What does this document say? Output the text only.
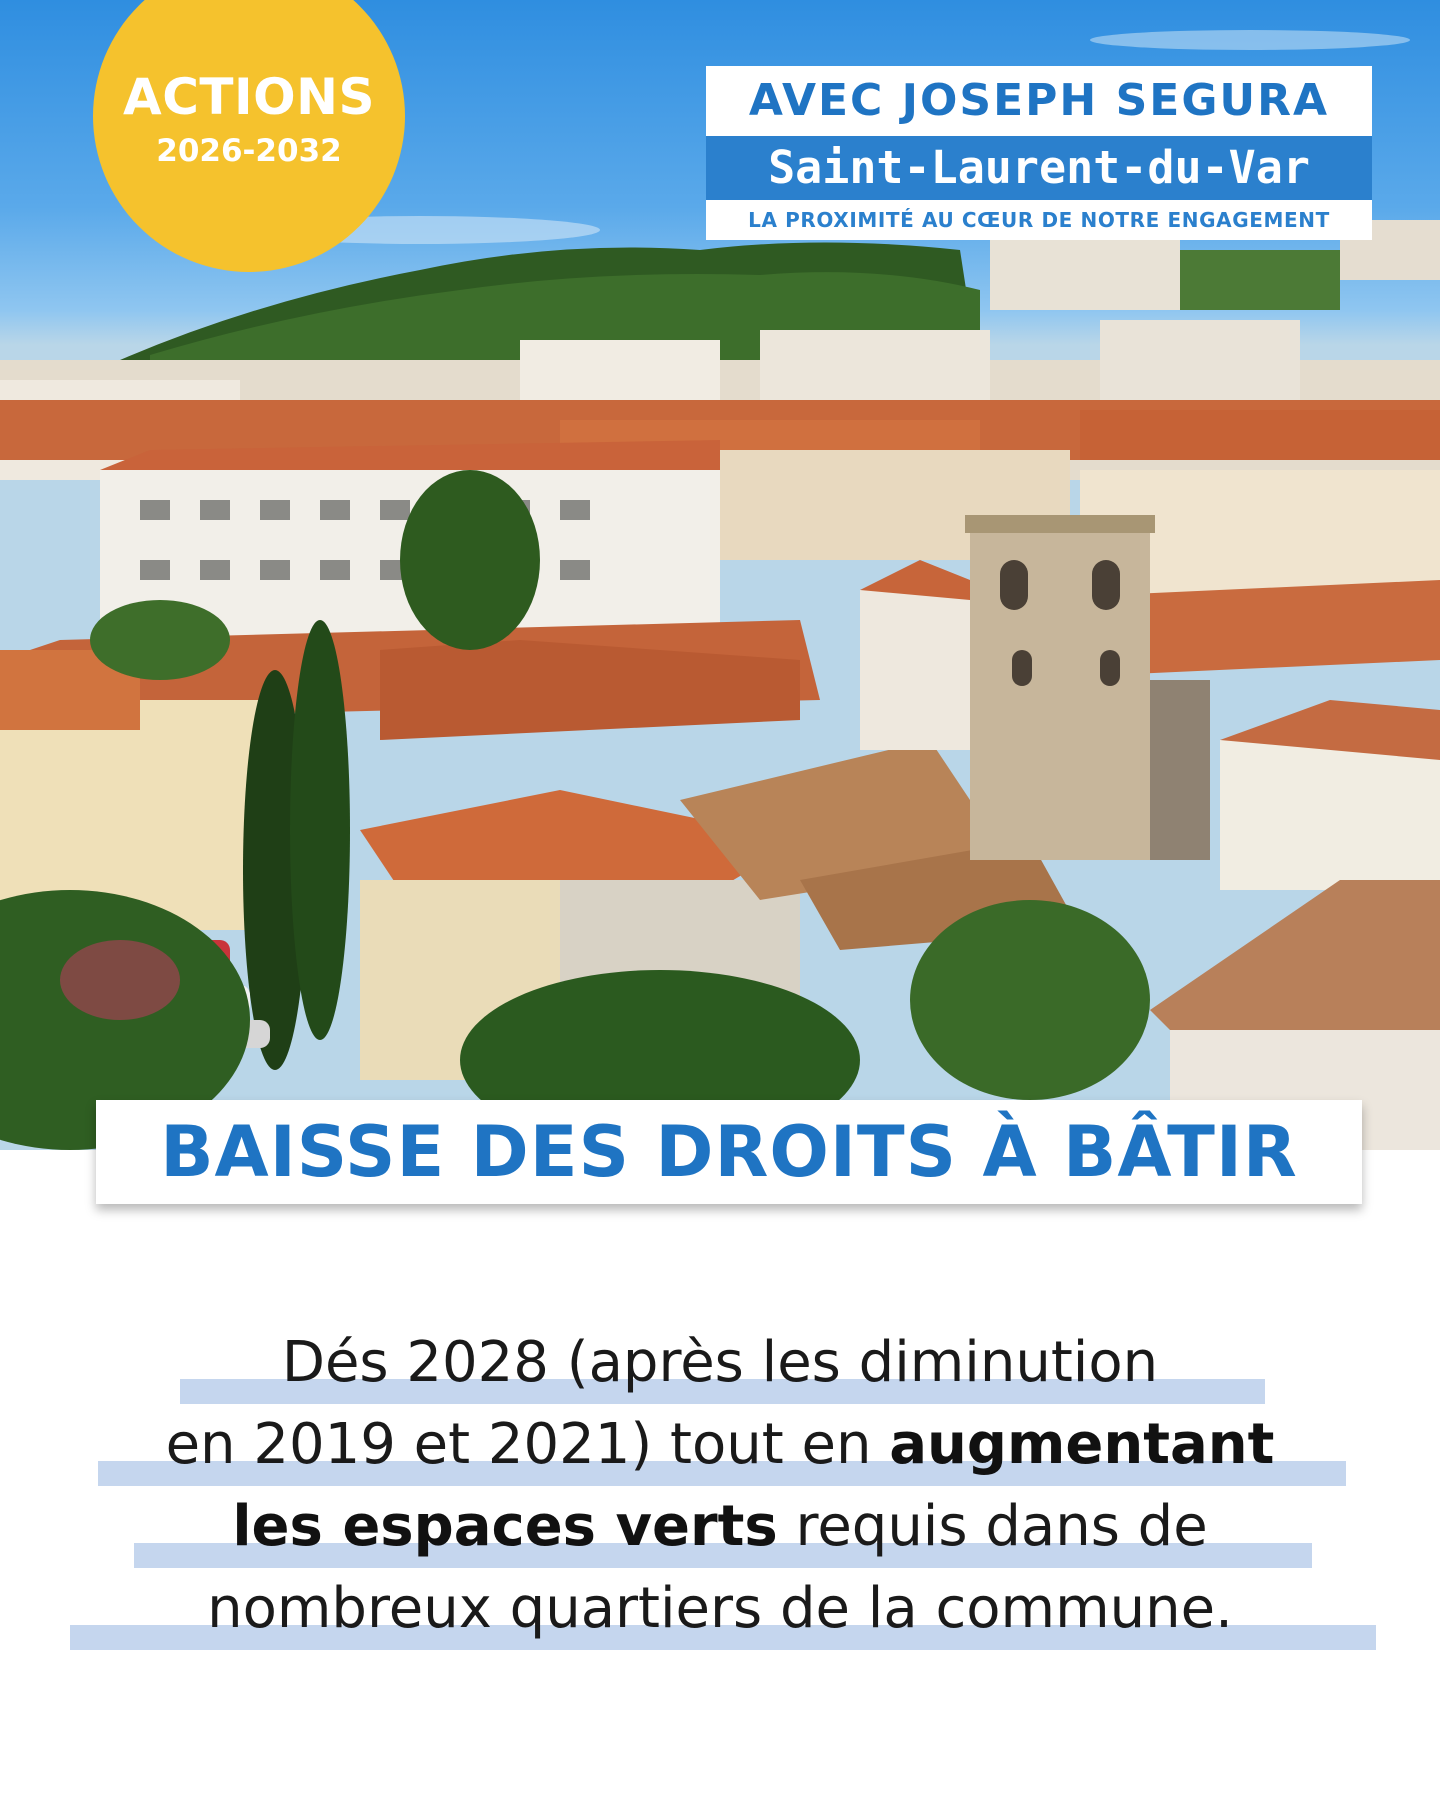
ACTIONS
2026-2032
AVEC JOSEPH SEGURA
Saint-Laurent-du-Var
LA PROXIMITÉ AU CŒUR DE NOTRE ENGAGEMENT
BAISSE DES DROITS À BÂTIR
Dés 2028 (après les diminution
en 2019 et 2021) tout en augmentant
les espaces verts requis dans de
nombreux quartiers de la commune.
